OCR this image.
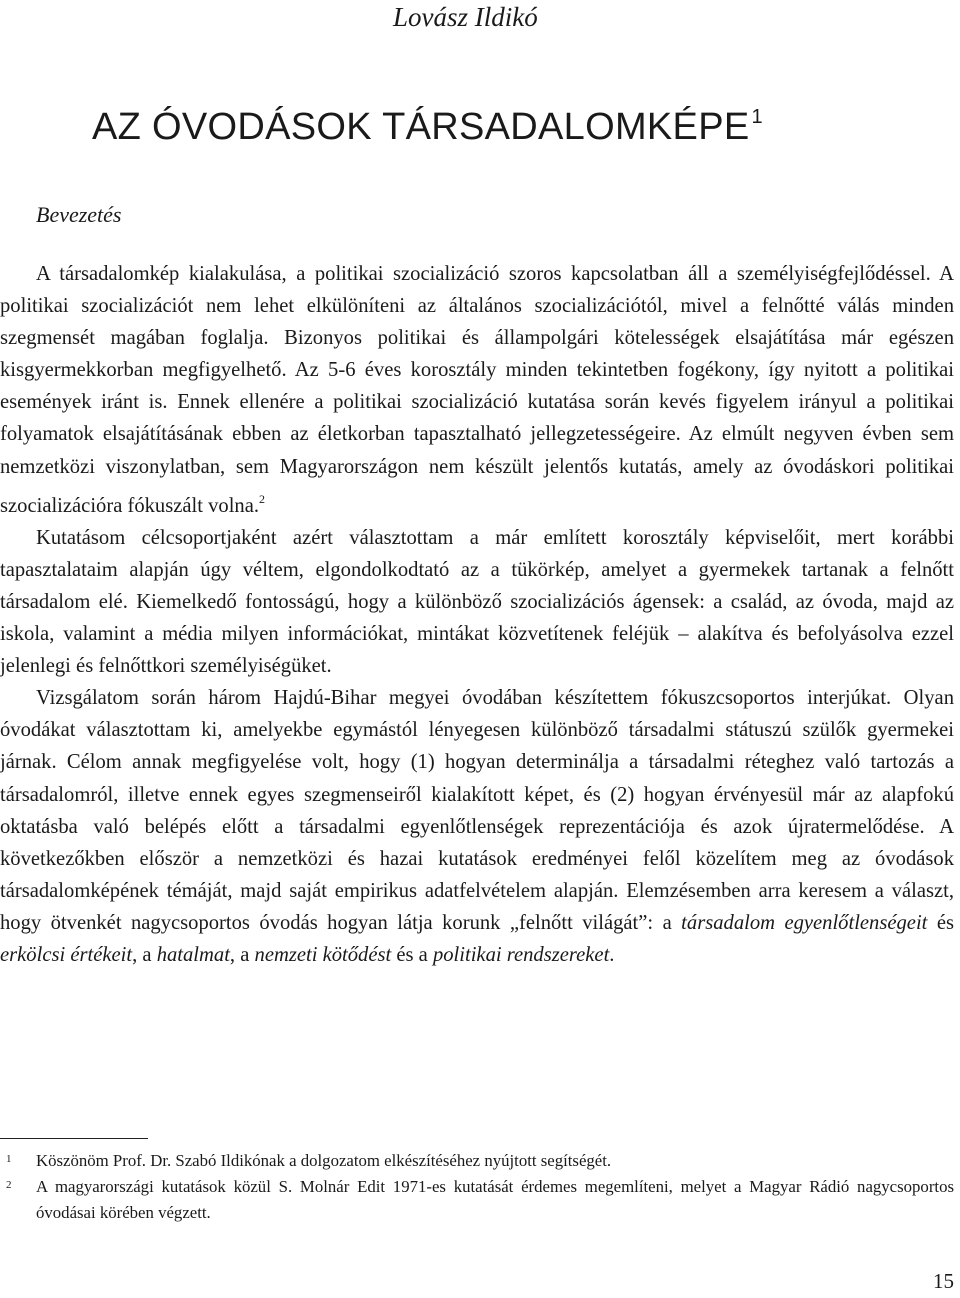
Lovász Ildikó
AZ ÓVODÁSOK TÁRSADALOMKÉPE $^1$
Bevezetés

A társadalomkép kialakulása, a politikai szocializáció szoros kapcsolatban áll a személyiségfejlődéssel. A politikai szocializációt nem lehet elkülöníteni az általános szocializációtól, mivel a felnőtté válás minden szegmensét magában foglalja. Bizonyos politikai és állampolgári kötelességek elsajátítása már egészen kisgyermekkorban megfigyelhető. Az 5-6 éves korosztály minden tekintetben fogékony, így nyitott a politikai események iránt is. Ennek ellenére a politikai szocializáció kutatása során kevés figyelem irányul a politikai folyamatok elsajátításának ebben az életkorban tapasztalható jellegzetességeire. Az elmúlt negyven évben sem nemzetközi viszonylatban, sem Magyarországon nem készült jelentős kutatás, amely az óvodáskori politikai szocializációra fókuszált volna.$^2$

Kutatásom célcsoportjaként azért választottam a már említett korosztály képviselőit, mert korábbi tapasztalataim alapján úgy véltem, elgondolkodtató az a tükörkép, amelyet a gyermekek tartanak a felnőtt társadalom elé. Kiemelkedő fontosságú, hogy a különböző szocializációs ágensek: a család, az óvoda, majd az iskola, valamint a média milyen információkat, mintákat közvetítenek feléjük – alakítva és befolyásolva ezzel jelenlegi és felnőttkori személyiségüket.

Vizsgálatom során három Hajdú-Bihar megyei óvodában készítettem fókuszcsoportos interjúkat. Olyan óvodákat választottam ki, amelyekbe egymástól lényegesen különböző társadalmi státuszú szülők gyermekei járnak. Célom annak megfigyelése volt, hogy (1) hogyan determinálja a társadalmi réteghez való tartozás a társadalomról, illetve ennek egyes szegmenseiről kialakított képet, és (2) hogyan érvényesül már az alapfokú oktatásba való belépés előtt a társadalmi egyenlőtlenségek reprezentációja és azok újratermelődése. A következőkben először a nemzetközi és hazai kutatások eredményei felől közelítem meg az óvodások társadalomképének témáját, majd saját empirikus adatfelvételem alapján. Elemzésemben arra keresem a választ, hogy ötvenkét nagycsoportos óvodás hogyan látja korunk „felnőtt világát”: a társadalom egyenlőtlenségeit és erkölcsi értékeit, a hatalmat, a nemzeti kötődést és a politikai rendszereket.

1 Köszönöm Prof. Dr. Szabó Ildikónak a dolgozatom elkészítéséhez nyújtott segítségét.
2 A magyarországi kutatások közül S. Molnár Edit 1971-es kutatását érdemes megemlíteni, melyet a Magyar Rádió nagycsoportos óvodásai körében végzett.
15
